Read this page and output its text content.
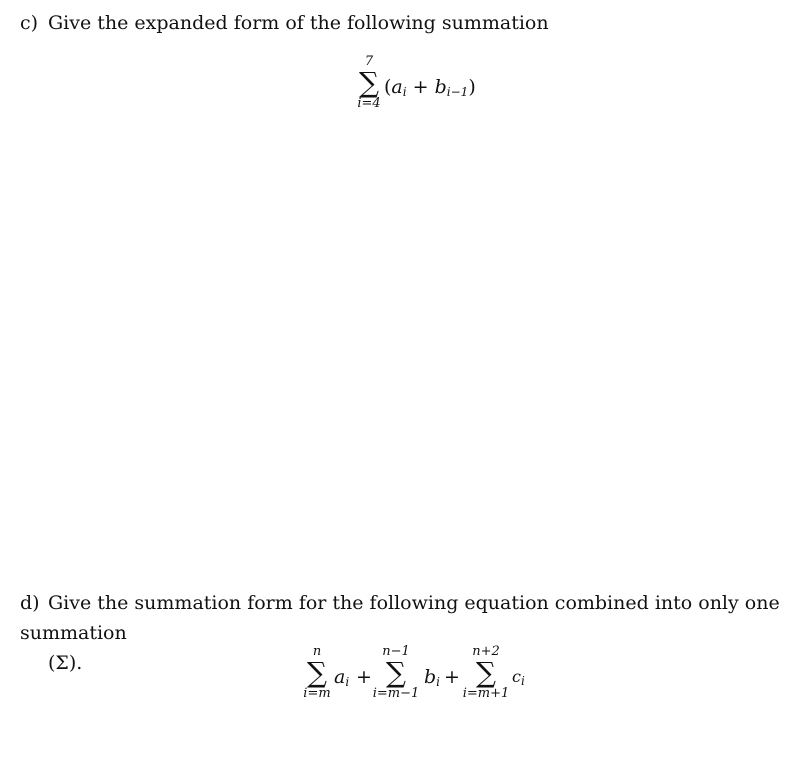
c) Give the expanded form of the following summation

7
∑
i=4
$(a_i + b_{i-1})$

d) Give the summation form for the following equation combined into only one summation
(Σ).

n
∑
i=m
$a_i$ +
n−1
∑
i=m−1
$b_i$ +
n+2
∑
i=m+1
$c_i$
